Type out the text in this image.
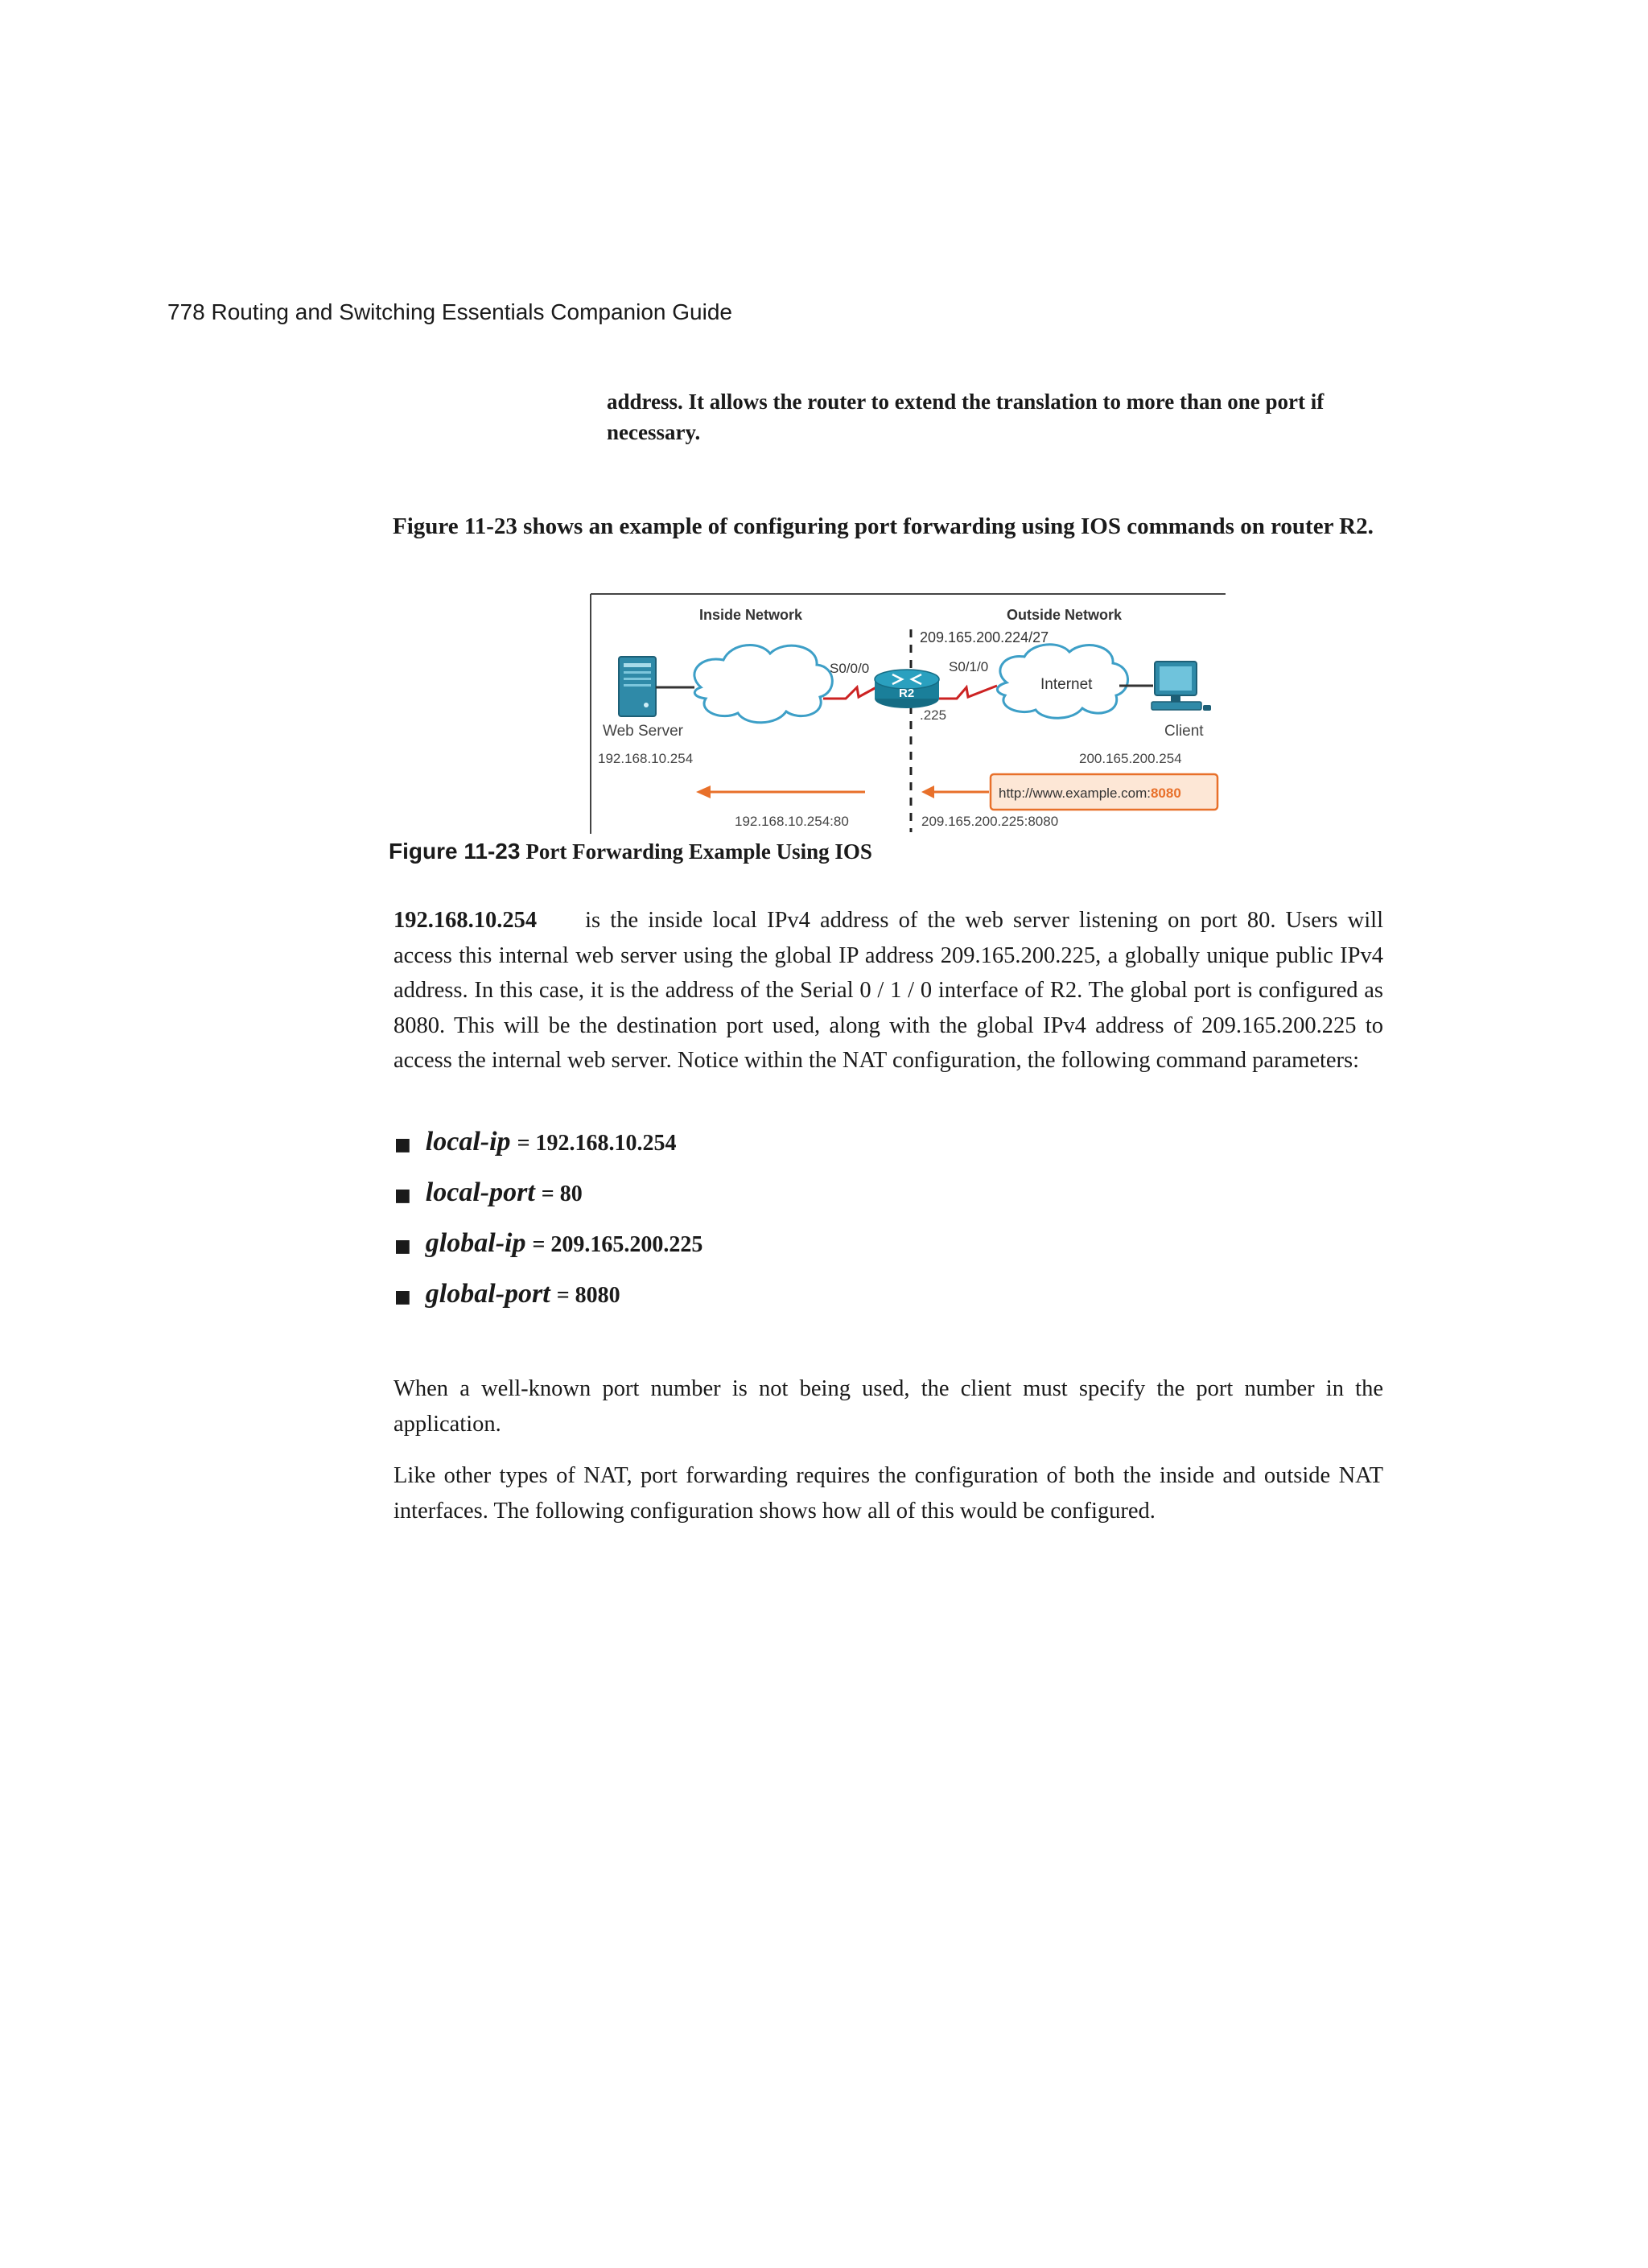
778 Routing and Switching Essentials Companion Guide
address. It allows the router to extend the translation to more than one port if necessary.
Figure 11-23 shows an example of configuring port forwarding using IOS commands on router R2.
Inside Network	Outside Network
209.165.200.224/27
Web Server
192.168.10.254
S0/0/0
R2
.225
S0/1/0
Internet
Client
200.165.200.254
http://www.example.com:8080
192.168.10.254:80	209.165.200.225:8080
Figure 11-23 Port Forwarding Example Using IOS

192.168.10.254 is the inside local IPv4 address of the web server listening on port 80. Users will access this internal web server using the global IP address 209.165.200.225, a globally unique public IPv4 address. In this case, it is the address of the Serial 0 / 1 / 0 interface of R2. The global port is configured as 8080. This will be the destination port used, along with the global IPv4 address of 209.165.200.225 to access the internal web server. Notice within the NAT configuration, the following command parameters:

■ local-ip = 192.168.10.254
■ local-port = 80
■ global-ip = 209.165.200.225
■ global-port = 8080

When a well-known port number is not being used, the client must specify the port number in the application.

Like other types of NAT, port forwarding requires the configuration of both the inside and outside NAT interfaces. The following configuration shows how all of this would be configured.
